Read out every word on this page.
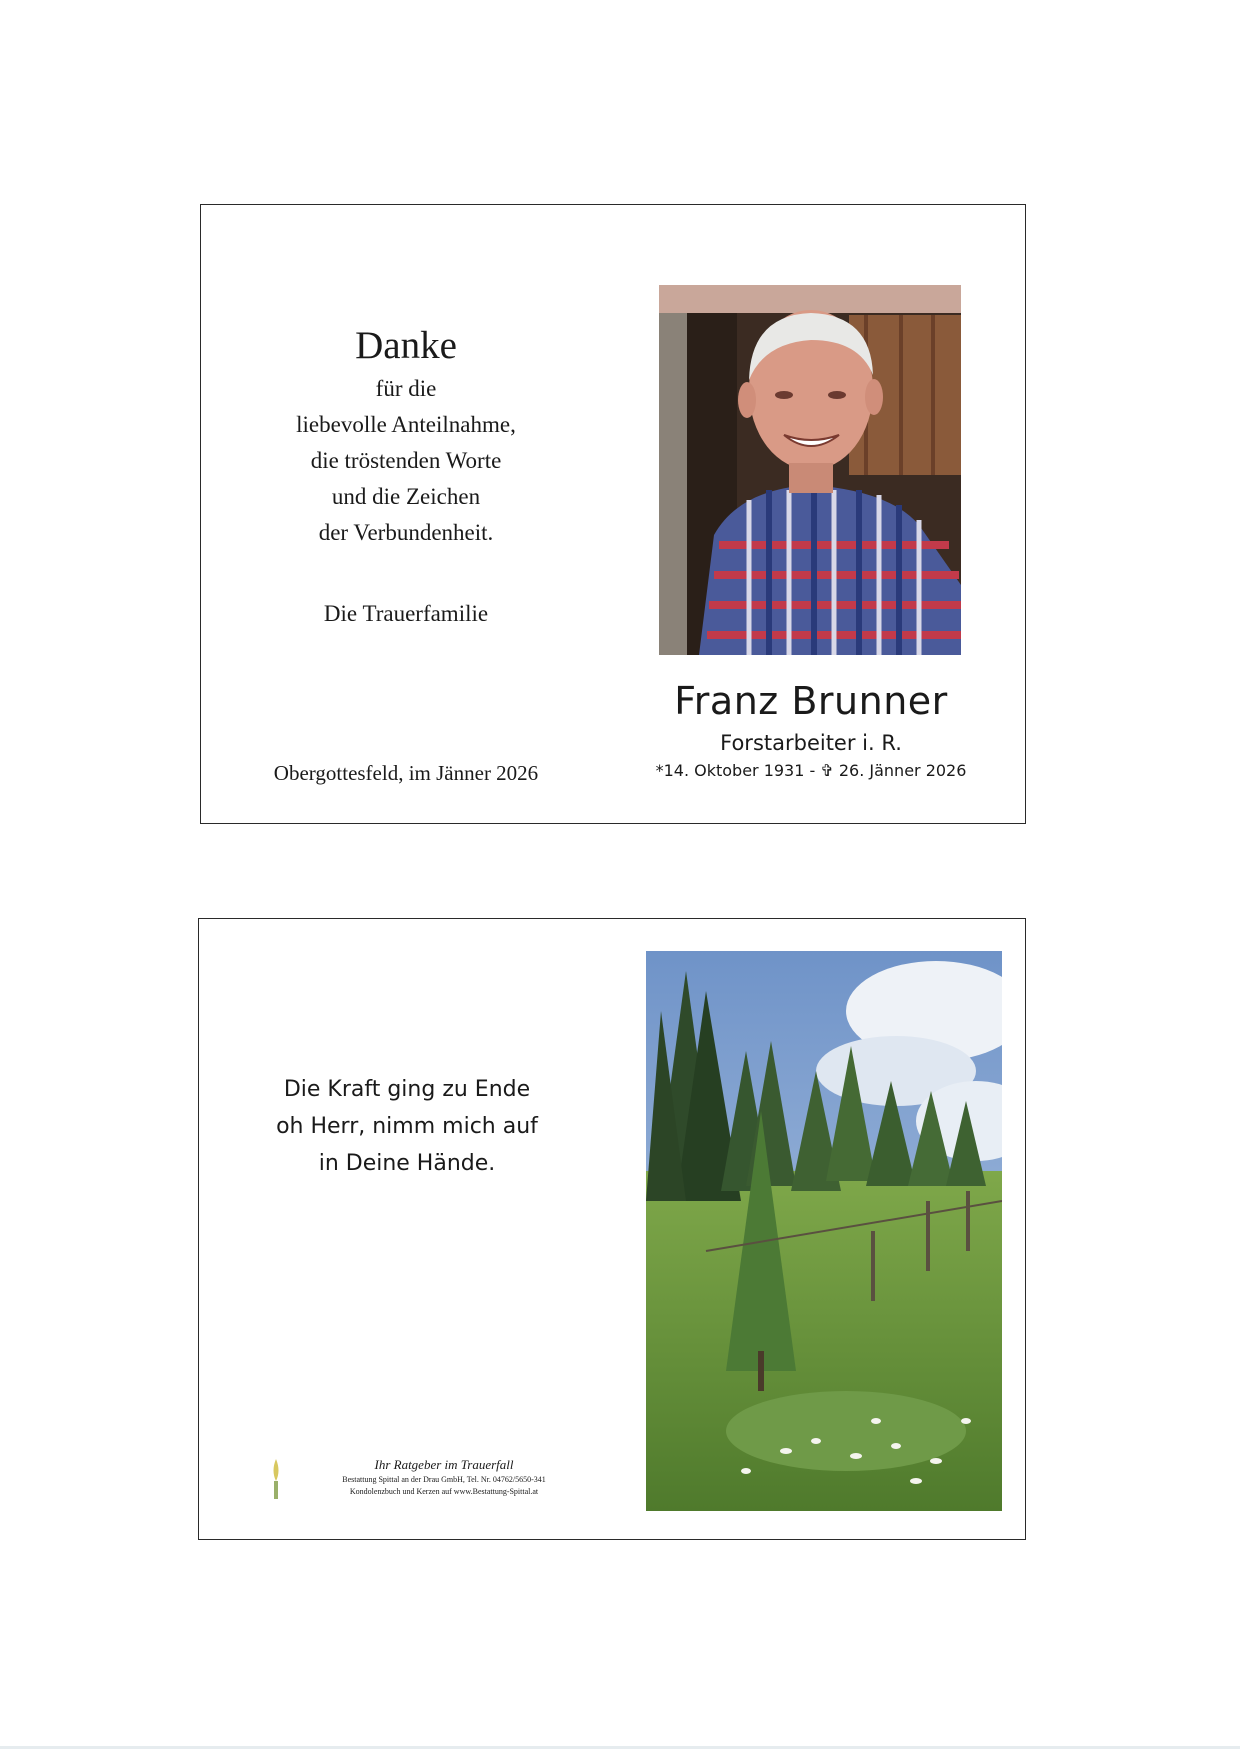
Danke
für die
liebevolle Anteilnahme,
die tröstenden Worte
und die Zeichen
der Verbundenheit.
Die Trauerfamilie
Obergottesfeld, im Jänner 2026
Franz Brunner
Forstarbeiter i. R.
*14. Oktober 1931 - ✞ 26. Jänner 2026
Die Kraft ging zu Ende
oh Herr, nimm mich auf
in Deine Hände.
Ihr Ratgeber im Trauerfall
Bestattung Spittal an der Drau GmbH, Tel. Nr. 04762/5650-341
Kondolenzbuch und Kerzen auf www.Bestattung-Spittal.at
